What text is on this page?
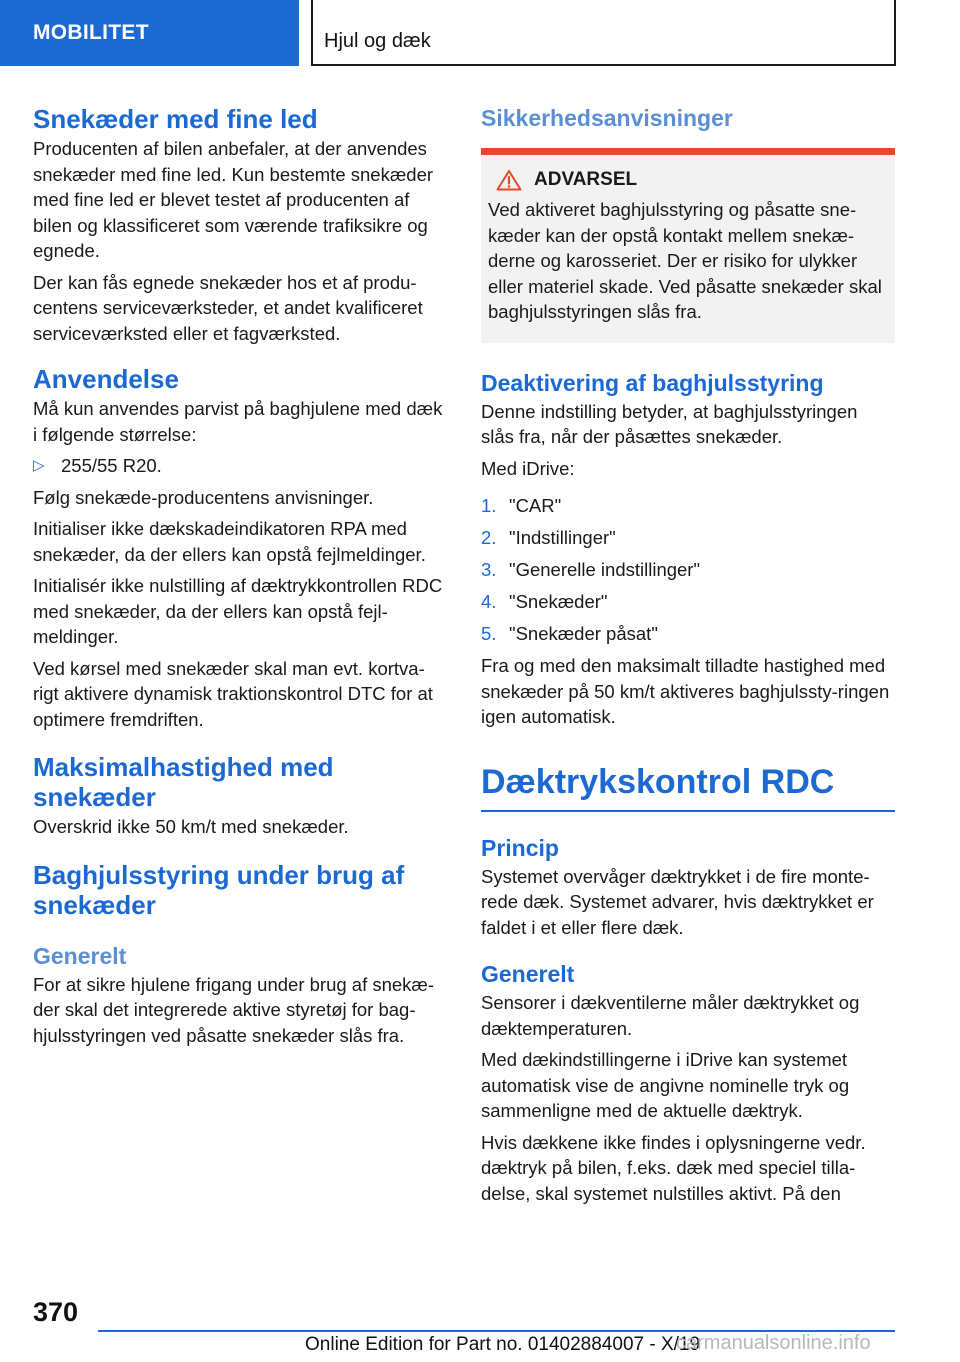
MOBILITET	Hjul og dæk
Snekæder med fine led

Producenten af bilen anbefaler, at der anvendes snekæder med fine led. Kun bestemte snekæder med fine led er blevet testet af producenten af bilen og klassificeret som værende trafiksikre og egnede.

Der kan fås egnede snekæder hos et af produ-centens serviceværksteder, et andet kvalificeret serviceværksted eller et fagværksted.

Anvendelse

Må kun anvendes parvist på baghjulene med dæk i følgende størrelse:

▷ 255/55 R20.

Følg snekæde-producentens anvisninger.

Initialiser ikke dækskadeindikatoren RPA med snekæder, da der ellers kan opstå fejlmeldinger.

Initialisér ikke nulstilling af dæktrykkontrollen RDC med snekæder, da der ellers kan opstå fejl-meldinger.

Ved kørsel med snekæder skal man evt. kortva-rigt aktivere dynamisk traktionskontrol DTC for at optimere fremdriften.

Maksimalhastighed med snekæder

Overskrid ikke 50 km/t med snekæder.

Baghjulsstyring under brug af snekæder
Generelt

For at sikre hjulene frigang under brug af snekæ-der skal det integrerede aktive styretøj for bag-hjulsstyringen ved påsatte snekæder slås fra.

Sikkerhedsanvisninger
ADVARSEL

Ved aktiveret baghjulsstyring og påsatte sne-kæder kan der opstå kontakt mellem snekæ-derne og karosseriet. Der er risiko for ulykker eller materiel skade. Ved påsatte snekæder skal baghjulsstyringen slås fra.

Deaktivering af baghjulsstyring

Denne indstilling betyder, at baghjulsstyringen slås fra, når der påsættes snekæder.

Med iDrive:

1. "CAR"
2. "Indstillinger"
3. "Generelle indstillinger"
4. "Snekæder"
5. "Snekæder påsat"

Fra og med den maksimalt tilladte hastighed med snekæder på 50 km/t aktiveres baghjulssty-ringen igen automatisk.

Dæktrykskontrol RDC
Princip

Systemet overvåger dæktrykket i de fire monte-rede dæk. Systemet advarer, hvis dæktrykket er faldet i et eller flere dæk.

Generelt

Sensorer i dækventilerne måler dæktrykket og dæktemperaturen.

Med dækindstillingerne i iDrive kan systemet automatisk vise de angivne nominelle tryk og sammenligne med de aktuelle dæktryk.

Hvis dækkene ikke findes i oplysningerne vedr. dæktryk på bilen, f.eks. dæk med speciel tilla-delse, skal systemet nulstilles aktivt. På den

370
Online Edition for Part no. 01402884007 - X/19
carmanualsonline.info
